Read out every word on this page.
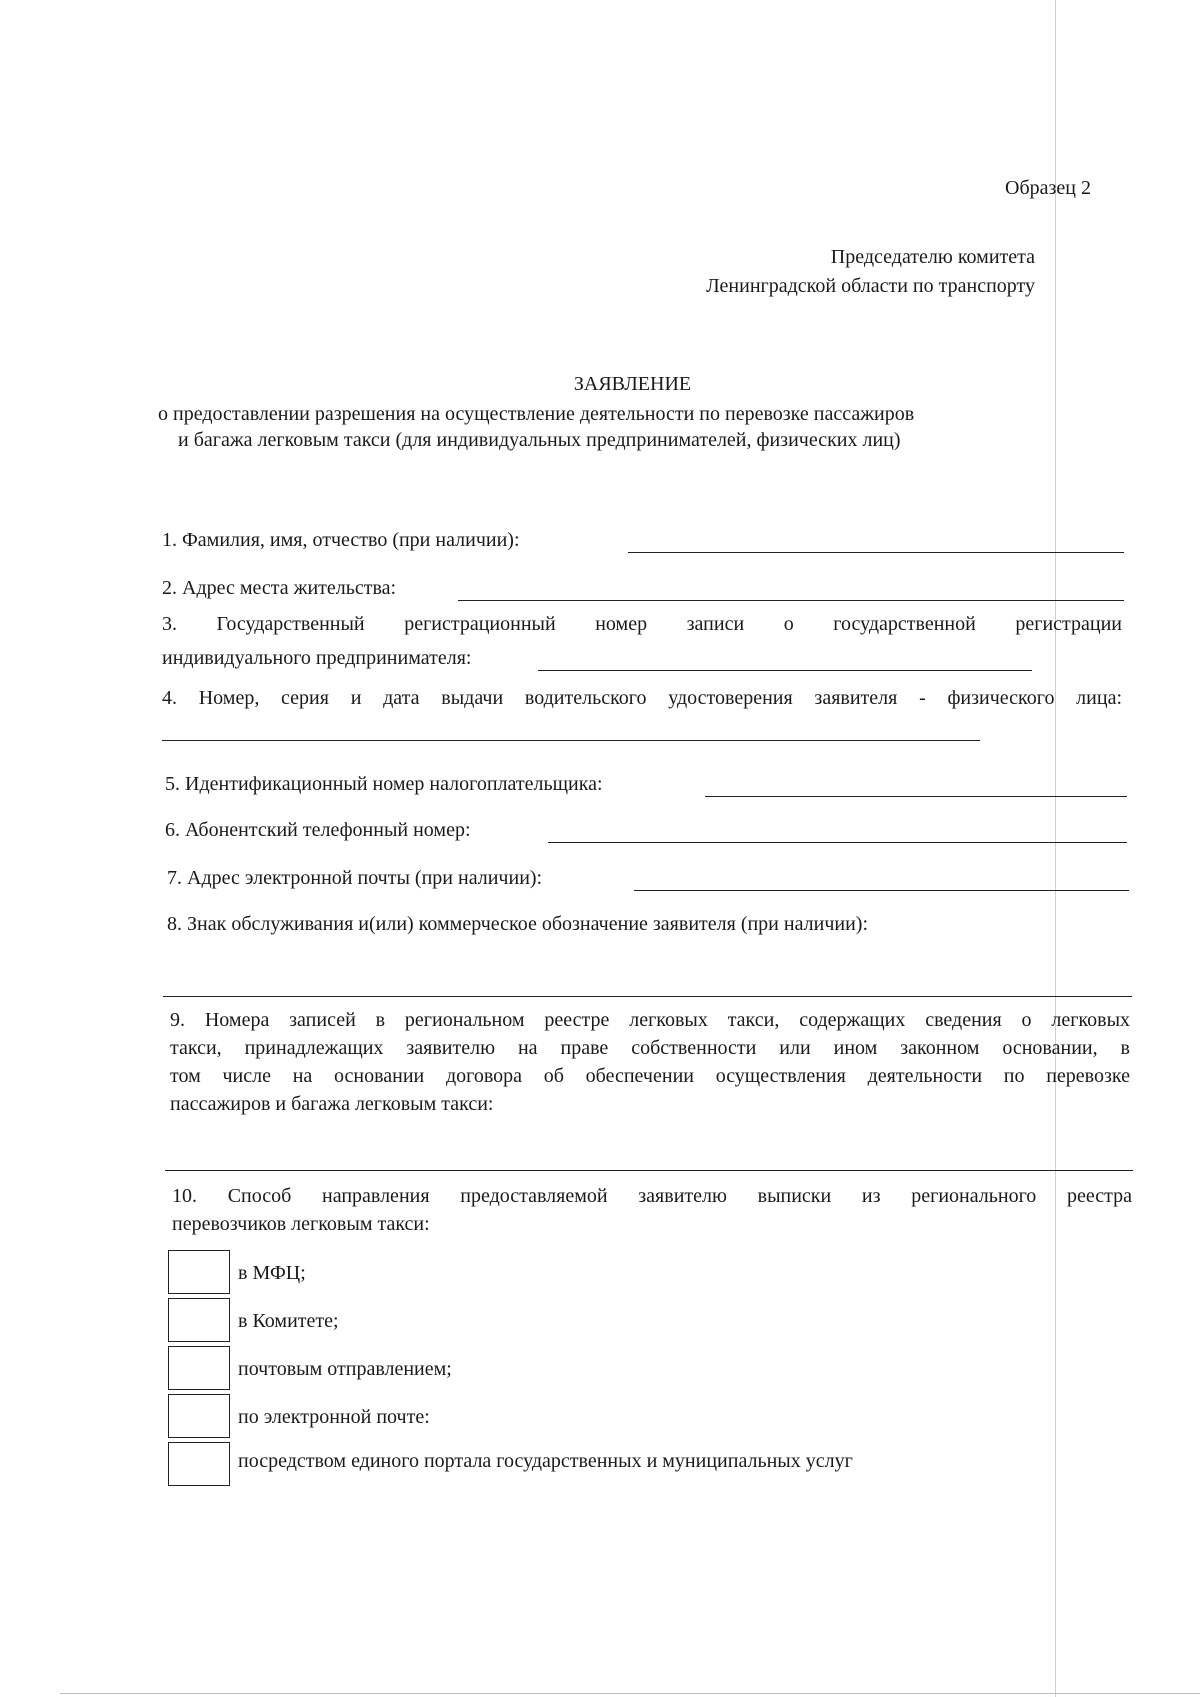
Образец 2
Председателю комитета
Ленинградской области по транспорту
ЗАЯВЛЕНИЕ
о предоставлении разрешения на осуществление деятельности по перевозке пассажиров
и багажа легковым такси (для индивидуальных предпринимателей, физических лиц)
1. Фамилия, имя, отчество (при наличии):
2. Адрес места жительства:
3. Государственный регистрационный номер записи о государственной регистрации
индивидуального предпринимателя:
4. Номер, серия и дата выдачи водительского удостоверения заявителя - физического лица:
5. Идентификационный номер налогоплательщика:
6. Абонентский телефонный номер:
7. Адрес электронной почты (при наличии):
8. Знак обслуживания и(или) коммерческое обозначение заявителя (при наличии):
9. Номера записей в региональном реестре легковых такси, содержащих сведения о легковых
такси, принадлежащих заявителю на праве собственности или ином законном основании, в
том числе на основании договора об обеспечении осуществления деятельности по перевозке
пассажиров и багажа легковым такси:
10. Способ направления предоставляемой заявителю выписки из регионального реестра
перевозчиков легковым такси:
в МФЦ;
в Комитете;
почтовым отправлением;
по электронной почте:
посредством единого портала государственных и муниципальных услуг
